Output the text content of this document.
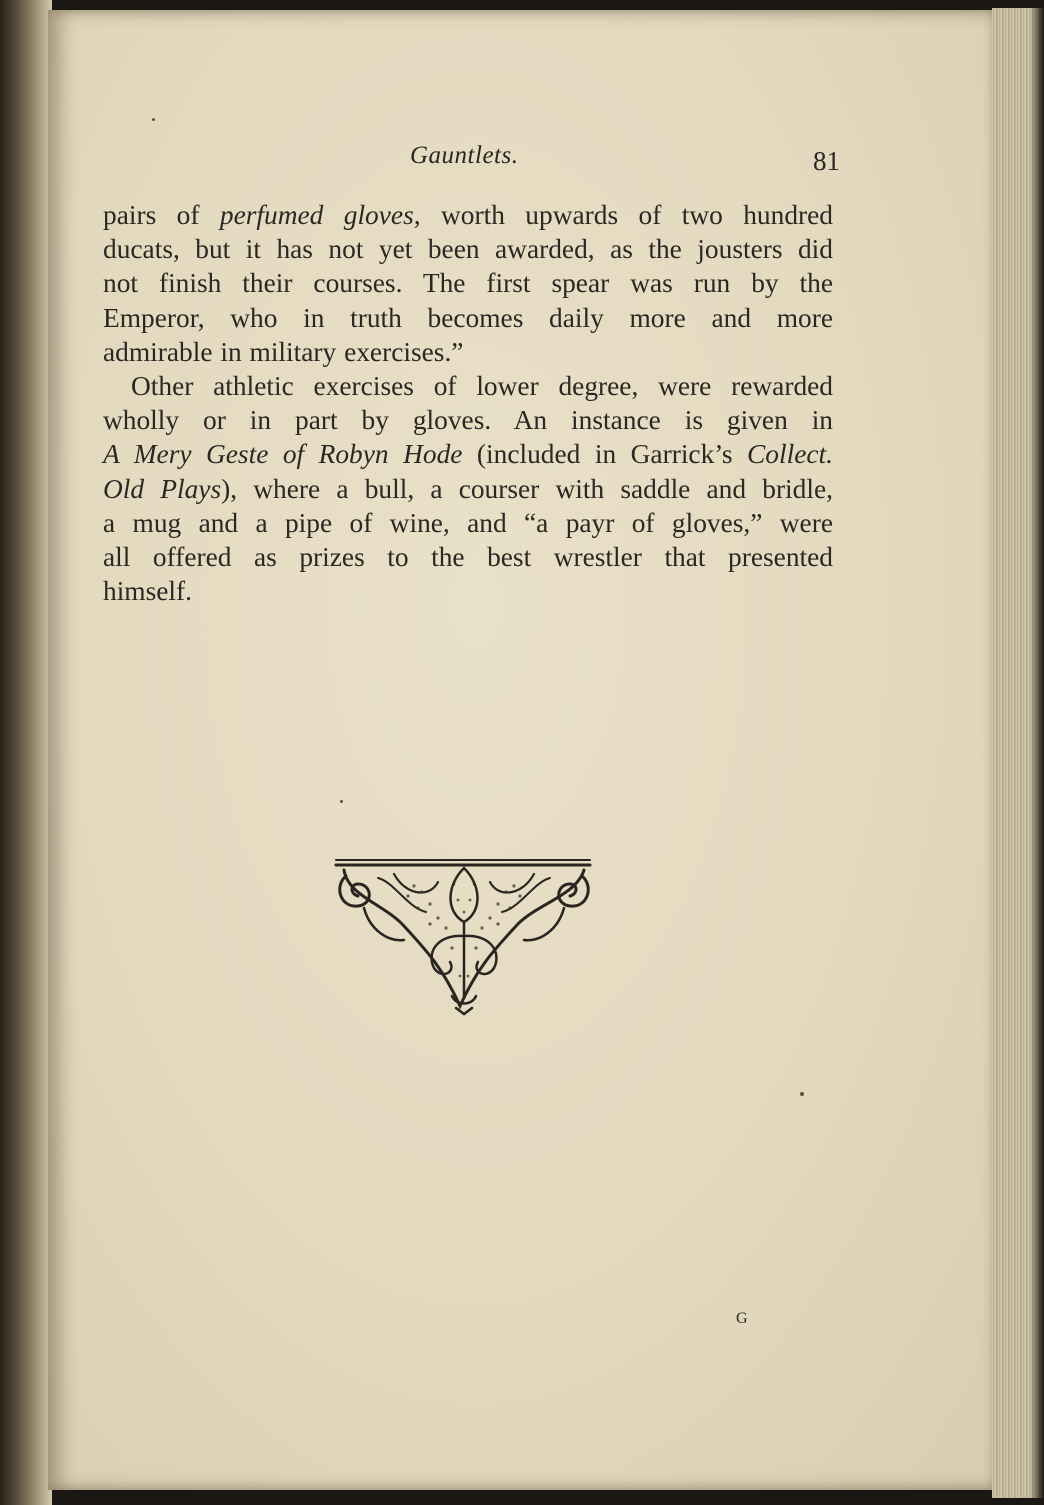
Gauntlets.	81

pairs of perfumed gloves, worth upwards of two hundred
ducats, but it has not yet been awarded, as the jousters did
not finish their courses. The first spear was run by the
Emperor, who in truth becomes daily more and more
admirable in military exercises.”

Other athletic exercises of lower degree, were rewarded
wholly or in part by gloves. An instance is given in
A Mery Geste of Robyn Hode (included in Garrick’s Collect.
Old Plays), where a bull, a courser with saddle and bridle,
a mug and a pipe of wine, and “a payr of gloves,” were
all offered as prizes to the best wrestler that presented
himself.

G
